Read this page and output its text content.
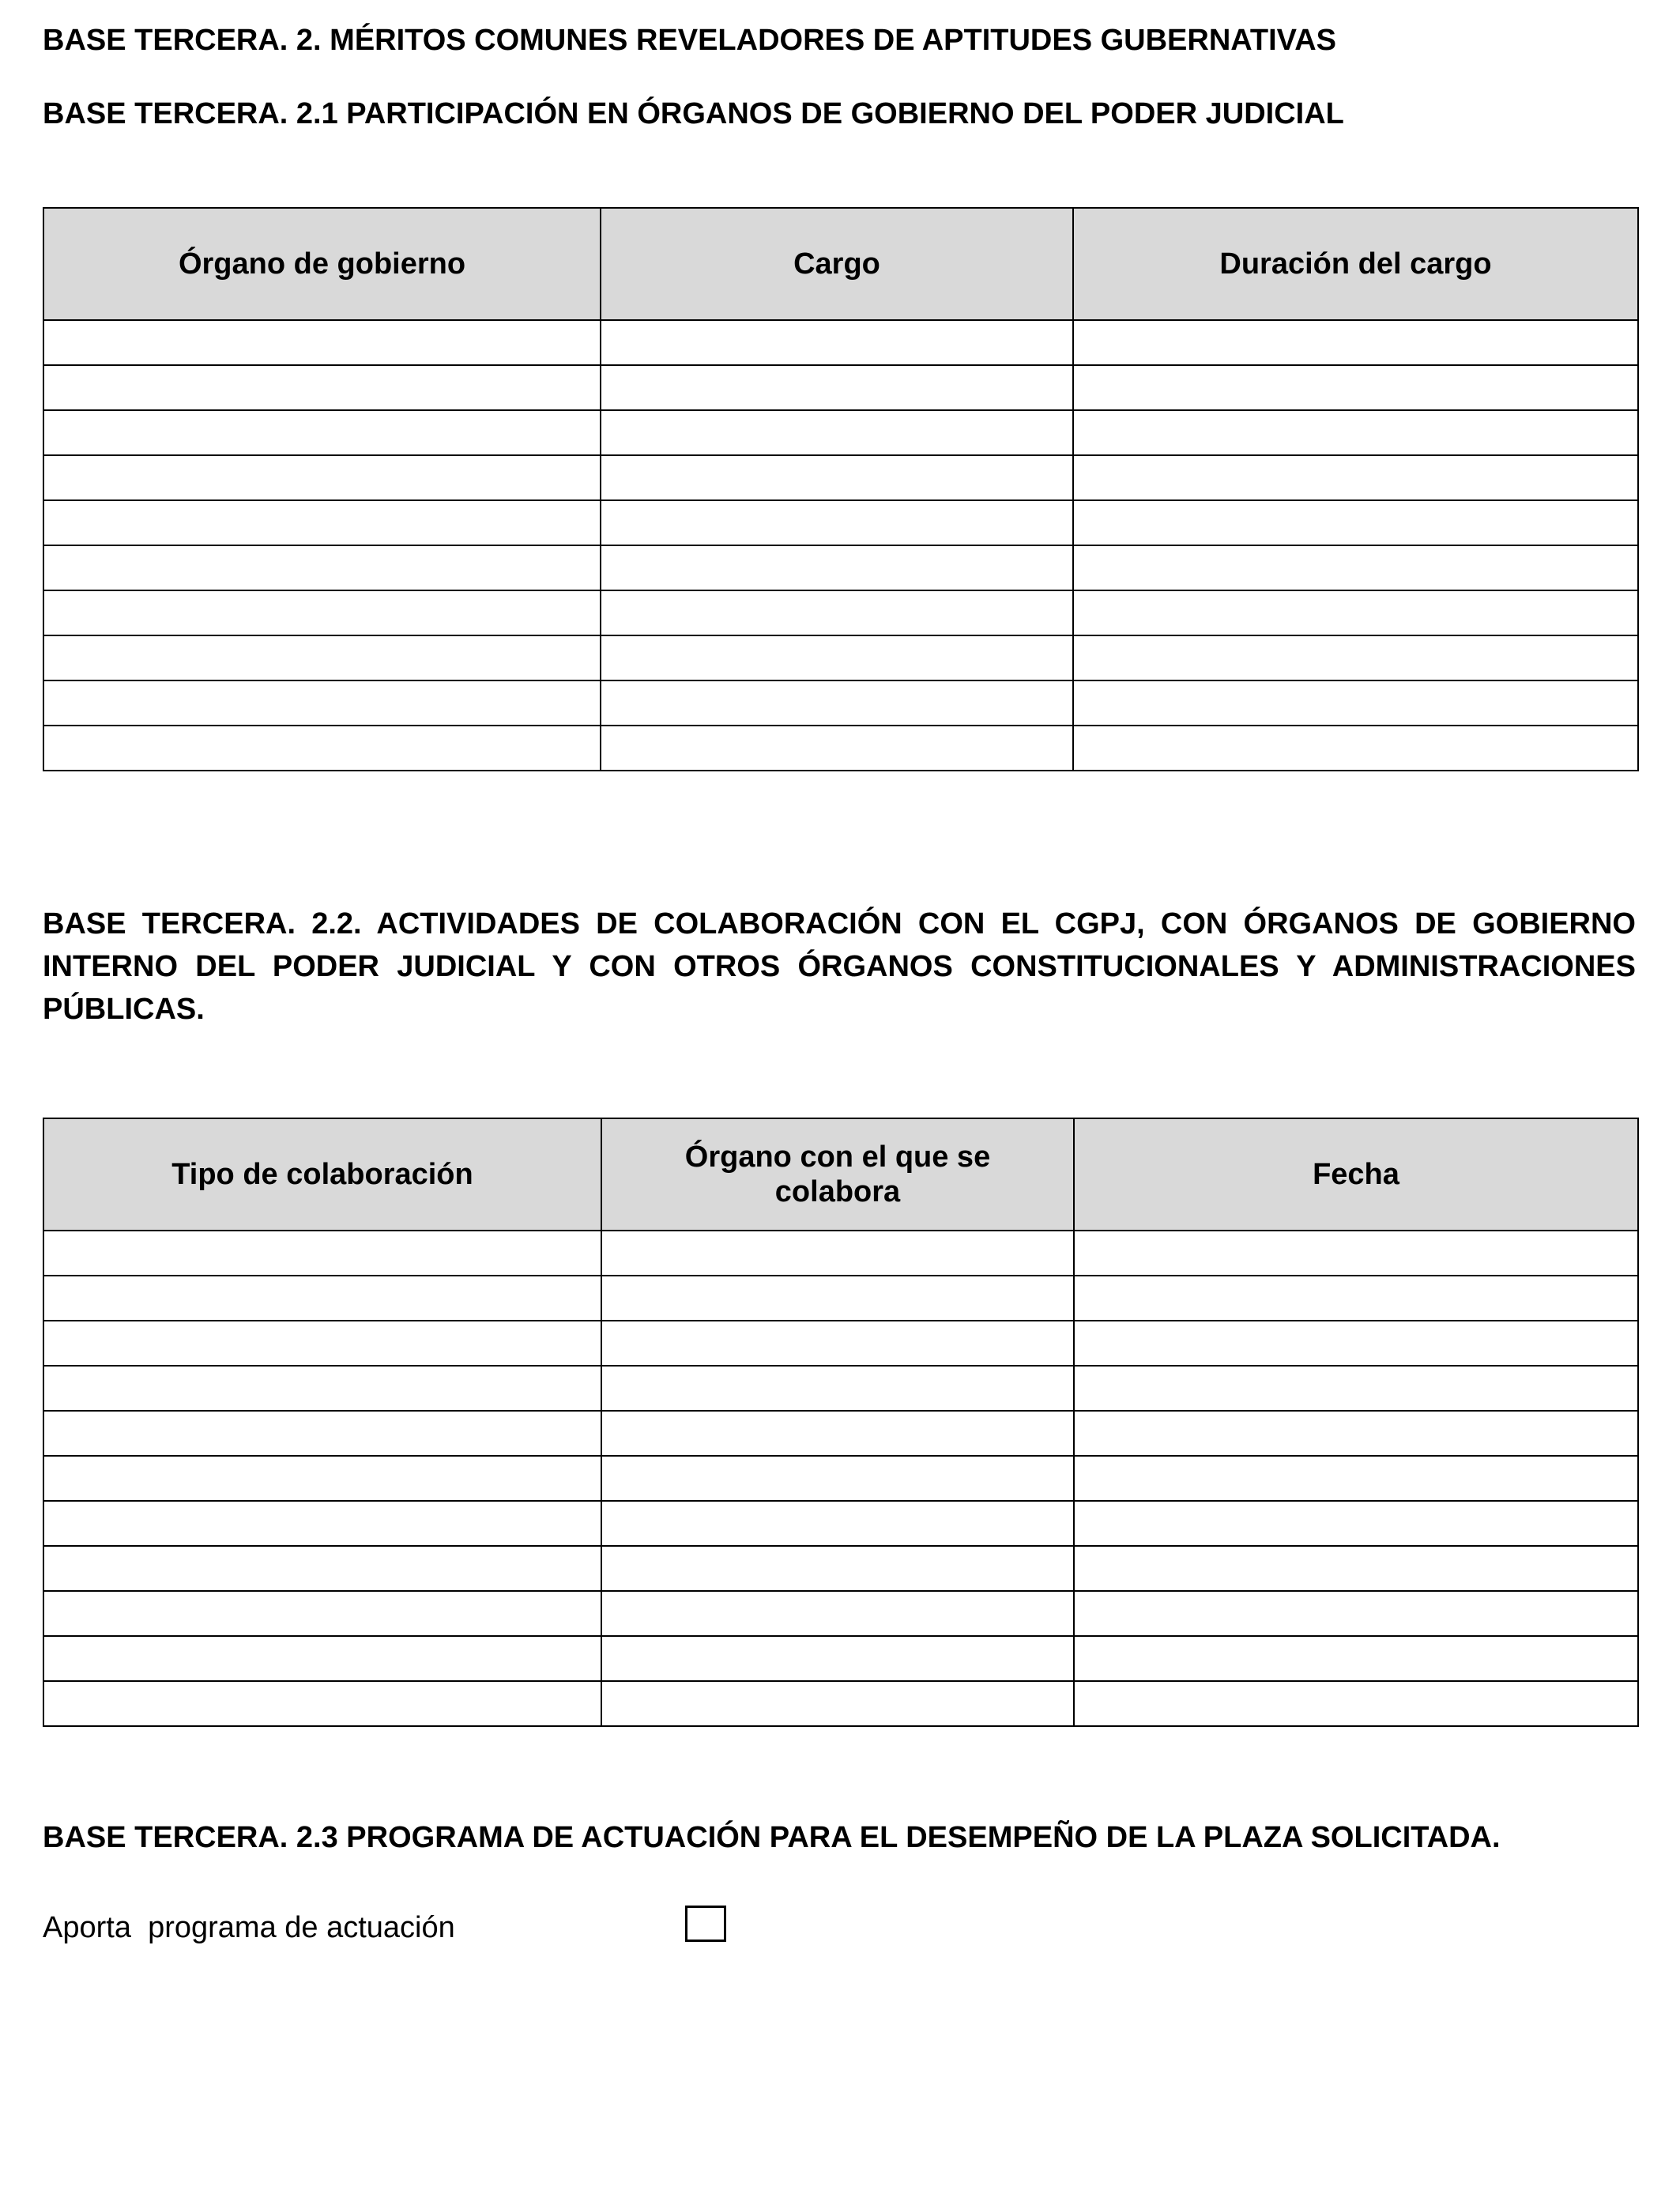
BASE TERCERA. 2. MÉRITOS COMUNES REVELADORES DE APTITUDES GUBERNATIVAS
BASE TERCERA. 2.1 PARTICIPACIÓN EN ÓRGANOS DE GOBIERNO DEL PODER JUDICIAL
Órgano de gobierno	Cargo	Duración del cargo

BASE TERCERA. 2.2. ACTIVIDADES DE COLABORACIÓN CON EL CGPJ, CON ÓRGANOS DE GOBIERNO INTERNO DEL PODER JUDICIAL Y CON OTROS ÓRGANOS CONSTITUCIONALES Y ADMINISTRACIONES PÚBLICAS.
Tipo de colaboración	Órgano con el que se colabora	Fecha

BASE TERCERA. 2.3 PROGRAMA DE ACTUACIÓN PARA EL DESEMPEÑO DE LA PLAZA SOLICITADA.
Aporta  programa de actuación
